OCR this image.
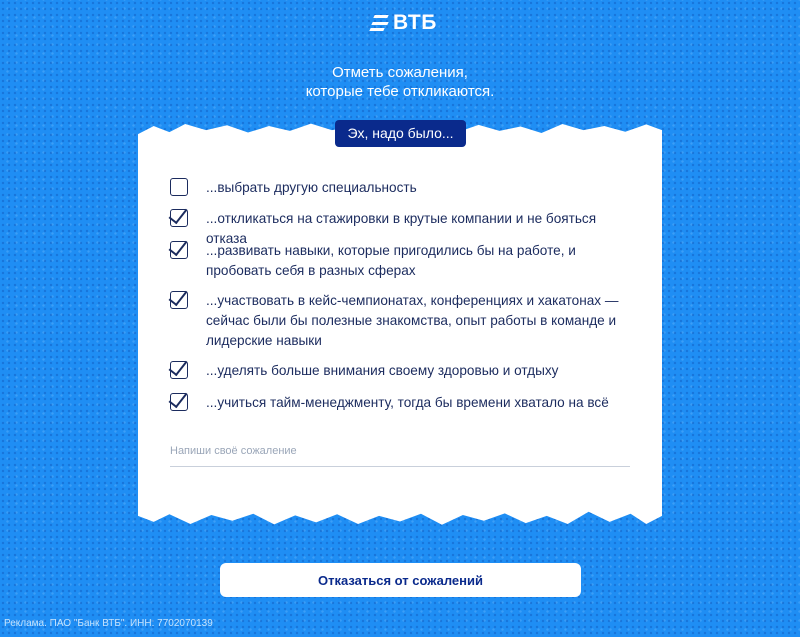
ВТБ
Отметь сожаления,
которые тебе откликаются.
Эх, надо было...
...выбрать другую специальность
...откликаться на стажировки в крутые компании и не бояться отказа
...развивать навыки, которые пригодились бы на работе, и пробовать себя в разных сферах
...участвовать в кейс-чемпионатах, конференциях и хакатонах — сейчас были бы полезные знакомства, опыт работы в команде и лидерские навыки
...уделять больше внимания своему здоровью и отдыху
...учиться тайм-менеджменту, тогда бы времени хватало на всё
Напиши своё сожаление
Отказаться от сожалений
Реклама. ПАО "Банк ВТБ". ИНН: 7702070139
